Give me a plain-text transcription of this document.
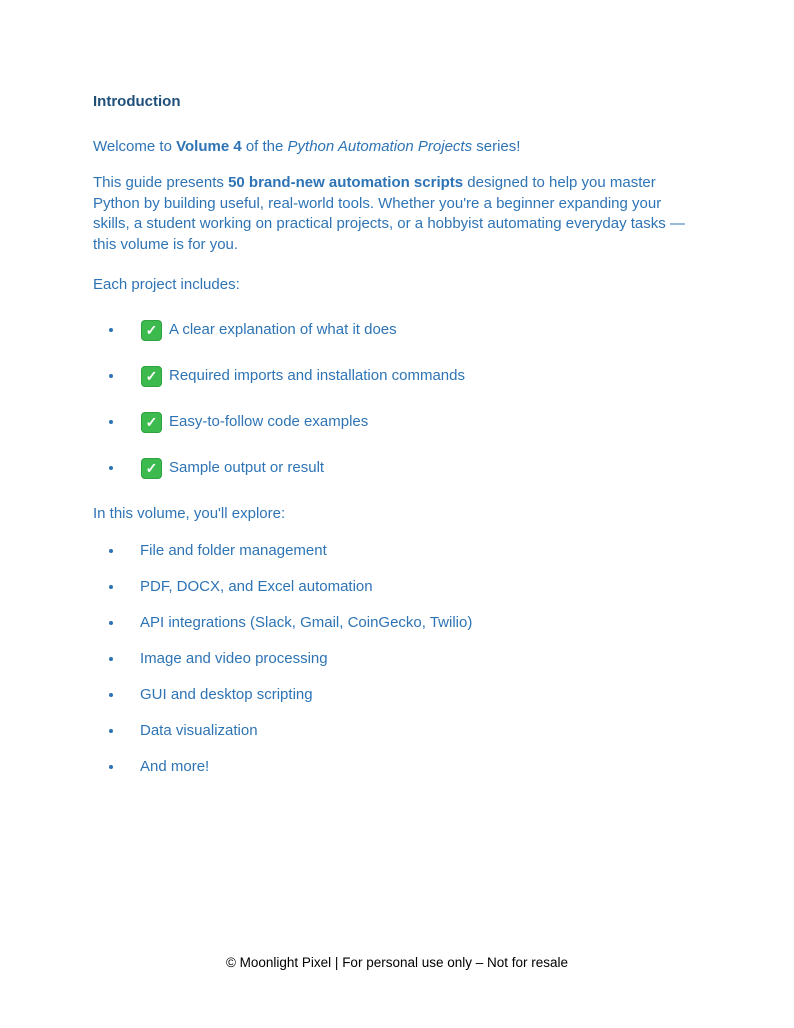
Introduction

Welcome to Volume 4 of the Python Automation Projects series!

This guide presents 50 brand-new automation scripts designed to help you master Python by building useful, real-world tools. Whether you're a beginner expanding your skills, a student working on practical projects, or a hobbyist automating everyday tasks — this volume is for you.

Each project includes:

✓ A clear explanation of what it does
✓ Required imports and installation commands
✓ Easy-to-follow code examples
✓ Sample output or result

In this volume, you'll explore:

File and folder management
PDF, DOCX, and Excel automation
API integrations (Slack, Gmail, CoinGecko, Twilio)
Image and video processing
GUI and desktop scripting
Data visualization
And more!
© Moonlight Pixel | For personal use only – Not for resale
